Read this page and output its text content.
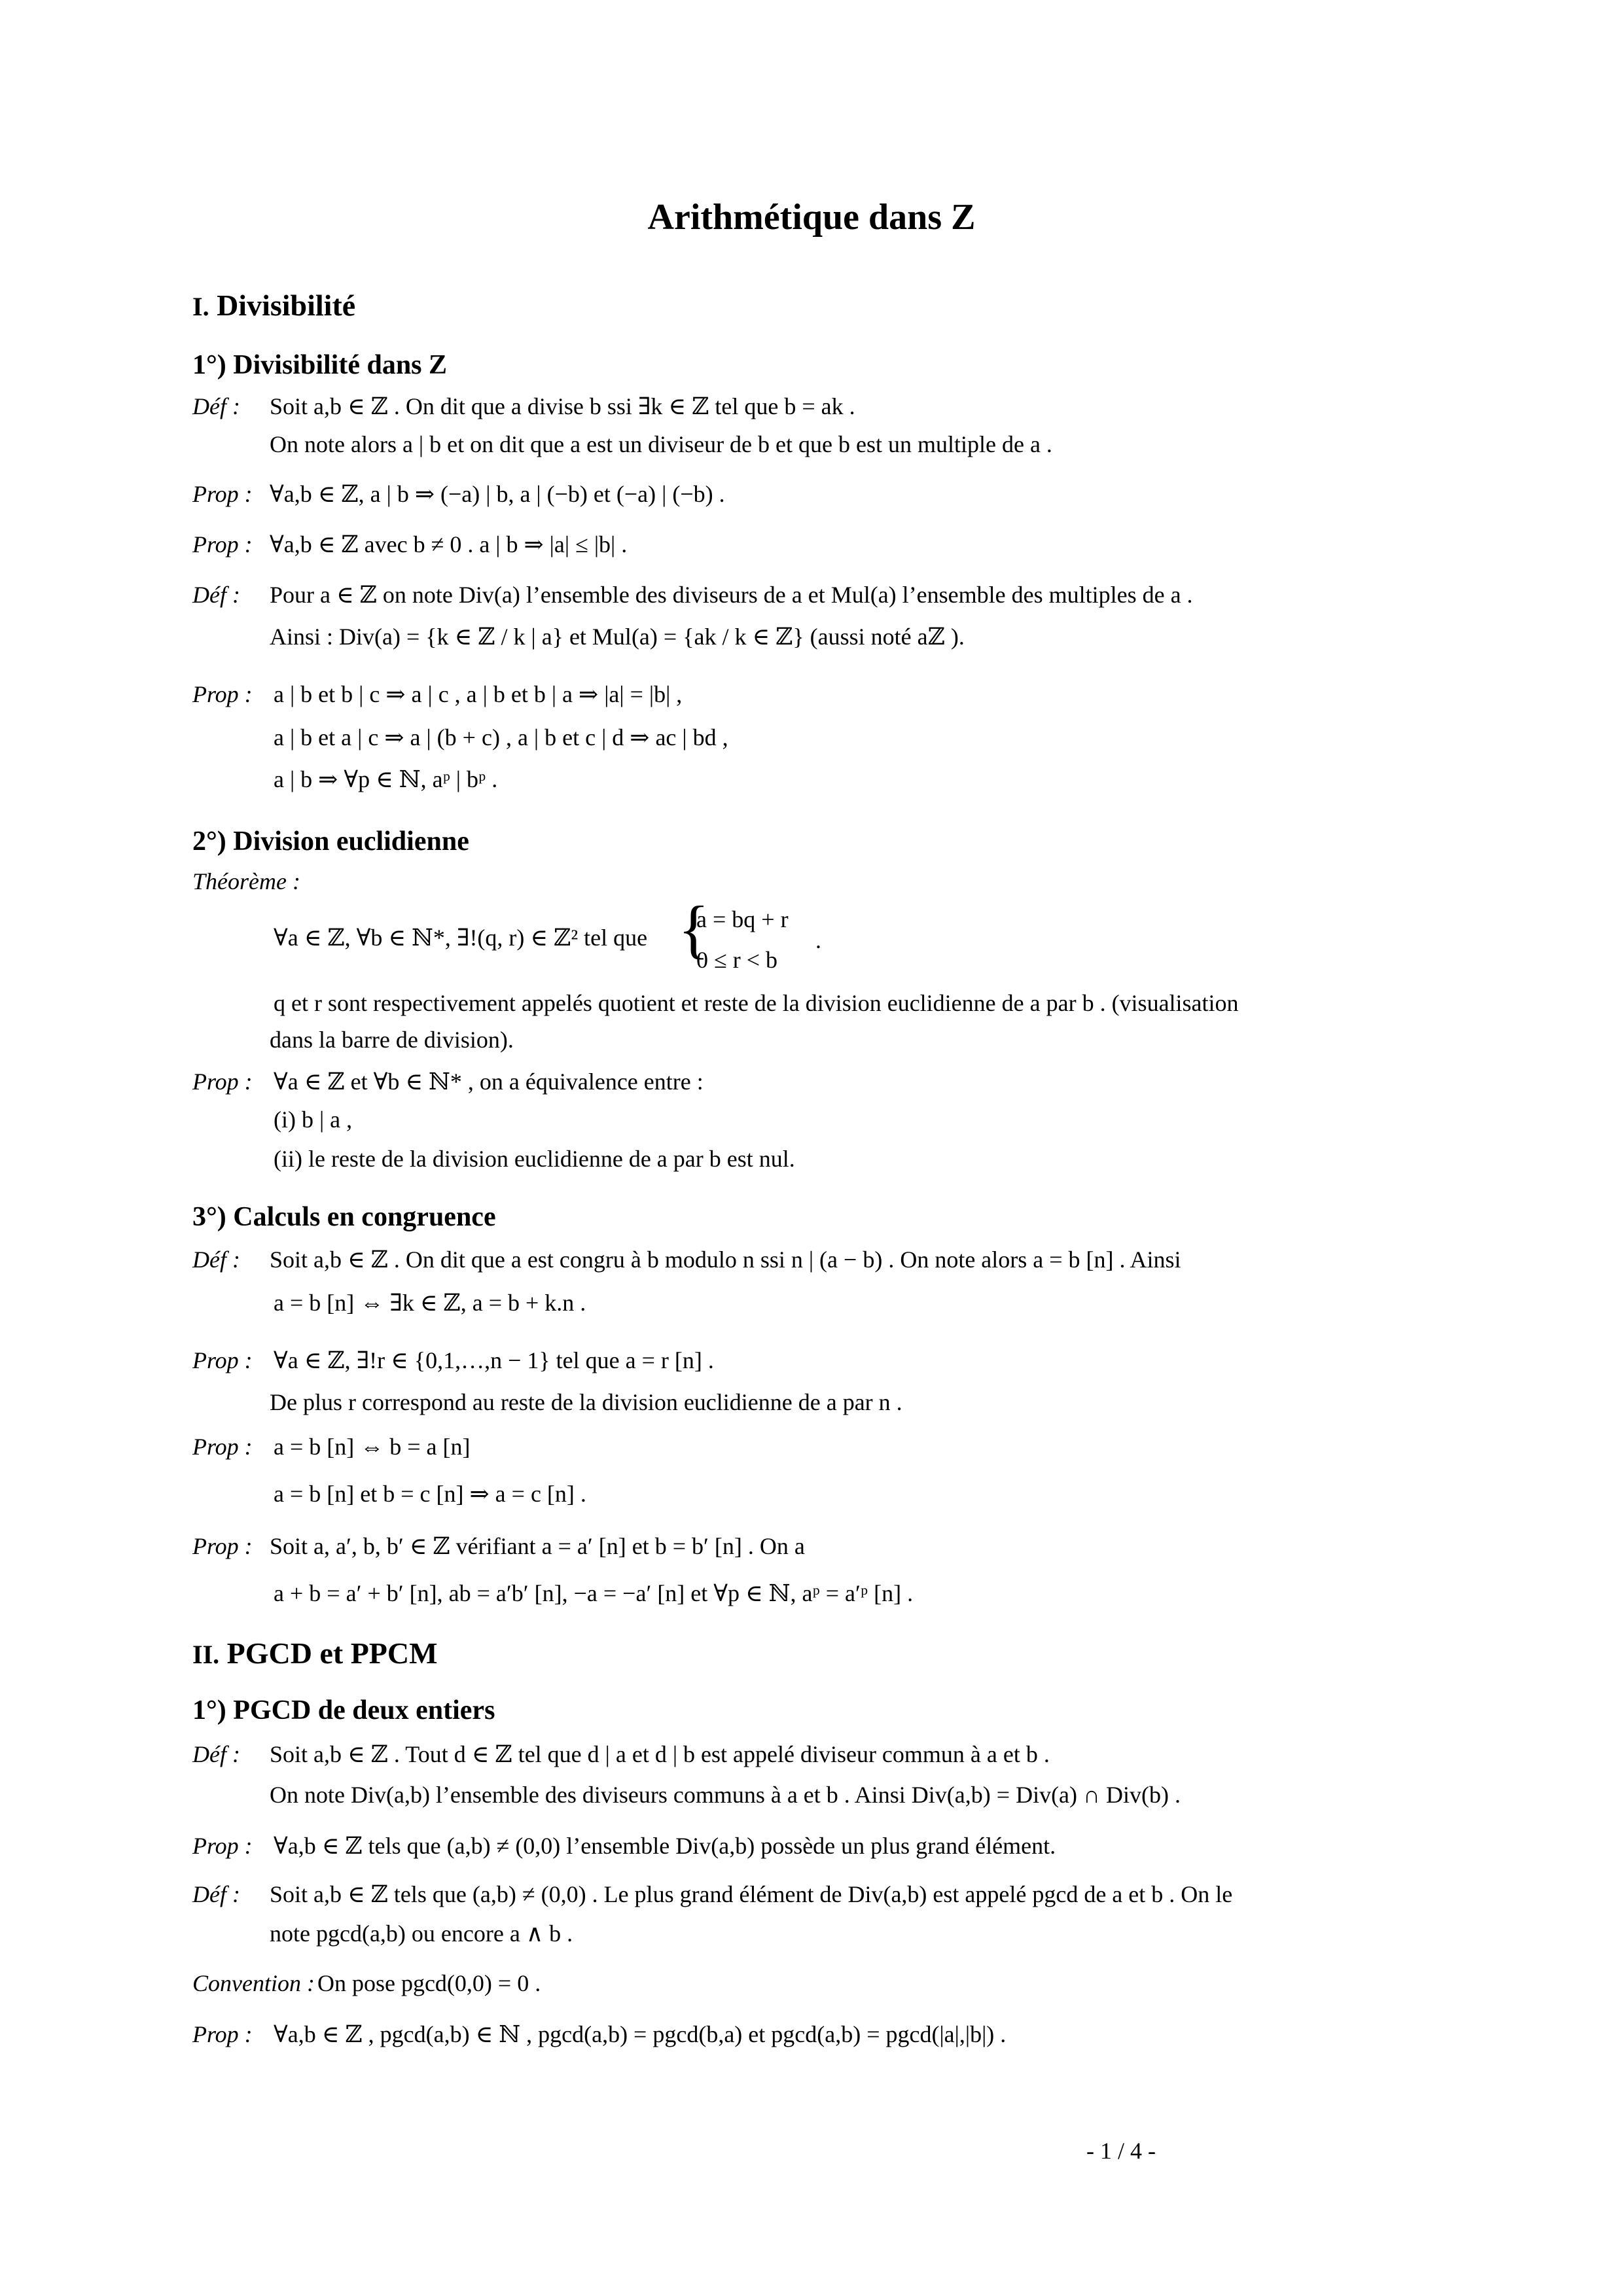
Arithmétique dans Z
I. Divisibilité
1°) Divisibilité dans Z
Déf : Soit a,b ∈ ℤ . On dit que a divise b ssi ∃k ∈ ℤ tel que b = ak .
On note alors a | b et on dit que a est un diviseur de b et que b est un multiple de a .
Prop : ∀a,b ∈ ℤ, a | b ⇒ (−a) | b, a | (−b) et (−a) | (−b) .
Prop : ∀a,b ∈ ℤ avec b ≠ 0 . a | b ⇒ |a| ≤ |b| .
Déf : Pour a ∈ ℤ on note Div(a) l’ensemble des diviseurs de a et Mul(a) l’ensemble des multiples de a .
Ainsi : Div(a) = {k ∈ ℤ / k | a} et Mul(a) = {ak / k ∈ ℤ} (aussi noté aℤ ).
Prop : a | b et b | c ⇒ a | c , a | b et b | a ⇒ |a| = |b| ,
a | b et a | c ⇒ a | (b + c) , a | b et c | d ⇒ ac | bd ,
a | b ⇒ ∀p ∈ ℕ, aᵖ | bᵖ .
2°) Division euclidienne
Théorème :
∀a ∈ ℤ, ∀b ∈ ℕ*, ∃!(q, r) ∈ ℤ² tel que {
a = bq + r
0 ≤ r < b
.
q et r sont respectivement appelés quotient et reste de la division euclidienne de a par b . (visualisation
dans la barre de division).
Prop : ∀a ∈ ℤ et ∀b ∈ ℕ* , on a équivalence entre :
(i) b | a ,
(ii) le reste de la division euclidienne de a par b est nul.
3°) Calculs en congruence
Déf : Soit a,b ∈ ℤ . On dit que a est congru à b modulo n ssi n | (a − b) . On note alors a = b [n] . Ainsi
a = b [n] ⇔ ∃k ∈ ℤ, a = b + k.n .
Prop : ∀a ∈ ℤ, ∃!r ∈ {0,1,…,n − 1} tel que a = r [n] .
De plus r correspond au reste de la division euclidienne de a par n .
Prop : a = b [n] ⇔ b = a [n]
a = b [n] et b = c [n] ⇒ a = c [n] .
Prop : Soit a, a′, b, b′ ∈ ℤ vérifiant a = a′ [n] et b = b′ [n] . On a
a + b = a′ + b′ [n], ab = a′b′ [n], −a = −a′ [n] et ∀p ∈ ℕ, aᵖ = a′ᵖ [n] .
II. PGCD et PPCM
1°) PGCD de deux entiers
Déf : Soit a,b ∈ ℤ . Tout d ∈ ℤ tel que d | a et d | b est appelé diviseur commun à a et b .
On note Div(a,b) l’ensemble des diviseurs communs à a et b . Ainsi Div(a,b) = Div(a) ∩ Div(b) .
Prop : ∀a,b ∈ ℤ tels que (a,b) ≠ (0,0) l’ensemble Div(a,b) possède un plus grand élément.
Déf : Soit a,b ∈ ℤ tels que (a,b) ≠ (0,0) . Le plus grand élément de Div(a,b) est appelé pgcd de a et b . On le
note pgcd(a,b) ou encore a ∧ b .
Convention : On pose pgcd(0,0) = 0 .
Prop : ∀a,b ∈ ℤ , pgcd(a,b) ∈ ℕ , pgcd(a,b) = pgcd(b,a) et pgcd(a,b) = pgcd(|a|,|b|) .
- 1 / 4 -
